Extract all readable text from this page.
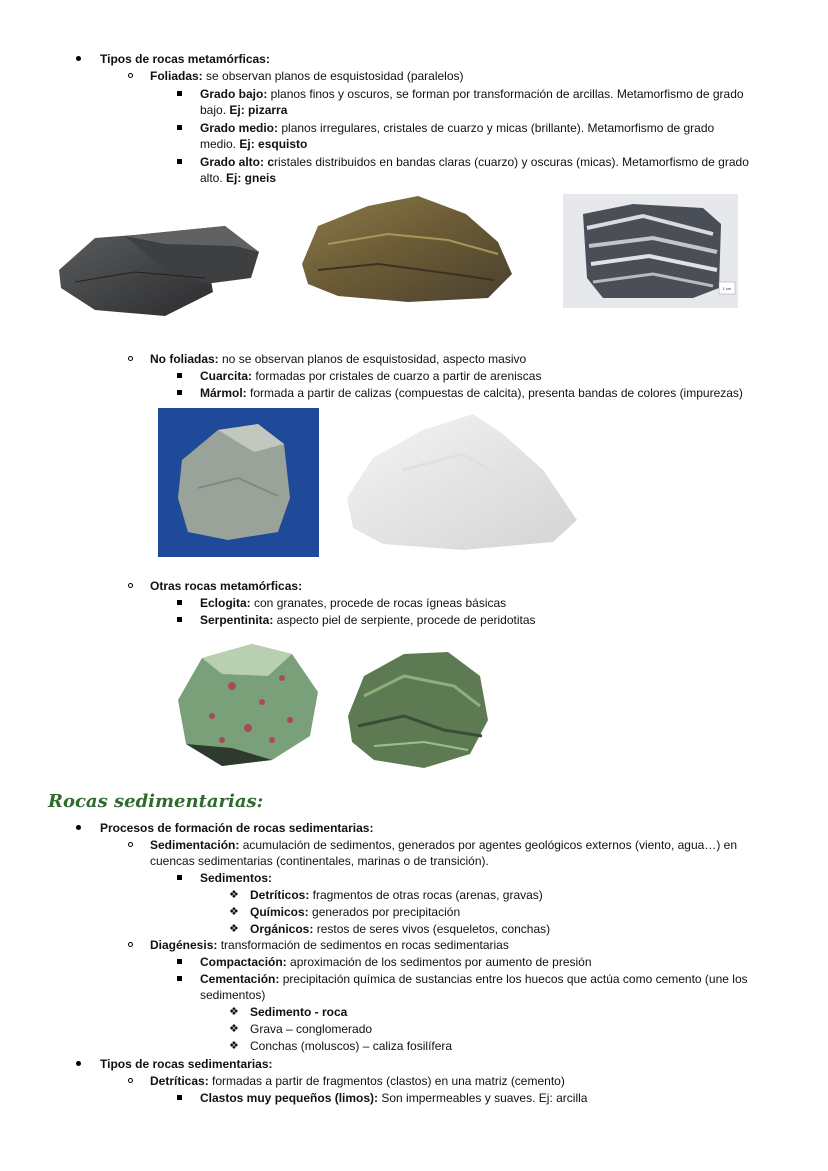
Tipos de rocas metamórficas:
Foliadas: se observan planos de esquistosidad (paralelos)
Grado bajo: planos finos y oscuros, se forman por transformación de arcillas. Metamorfismo de grado
bajo. Ej: pizarra
Grado medio: planos irregulares, cristales de cuarzo y micas (brillante). Metamorfismo de grado
medio. Ej: esquisto
Grado alto: cristales distribuidos en bandas claras (cuarzo) y oscuras (micas). Metamorfismo de grado
alto. Ej: gneis
1 cm
No foliadas: no se observan planos de esquistosidad, aspecto masivo
Cuarcita: formadas por cristales de cuarzo a partir de areniscas
Mármol: formada a partir de calizas (compuestas de calcita), presenta bandas de colores (impurezas)
Otras rocas metamórficas:
Eclogita: con granates, procede de rocas ígneas básicas
Serpentinita: aspecto piel de serpiente, procede de peridotitas
Rocas sedimentarias:
Procesos de formación de rocas sedimentarias:
Sedimentación: acumulación de sedimentos, generados por agentes geológicos externos (viento, agua…) en
cuencas sedimentarias (continentales, marinas o de transición).
Sedimentos:
❖ Detríticos: fragmentos de otras rocas (arenas, gravas)
❖ Químicos: generados por precipitación
❖ Orgánicos: restos de seres vivos (esqueletos, conchas)
Diagénesis: transformación de sedimentos en rocas sedimentarias
Compactación: aproximación de los sedimentos por aumento de presión
Cementación: precipitación química de sustancias entre los huecos que actúa como cemento (une los
sedimentos)
❖ Sedimento - roca
❖ Grava – conglomerado
❖ Conchas (moluscos) – caliza fosilífera
Tipos de rocas sedimentarias:
Detríticas: formadas a partir de fragmentos (clastos) en una matriz (cemento)
Clastos muy pequeños (limos): Son impermeables y suaves. Ej: arcilla
